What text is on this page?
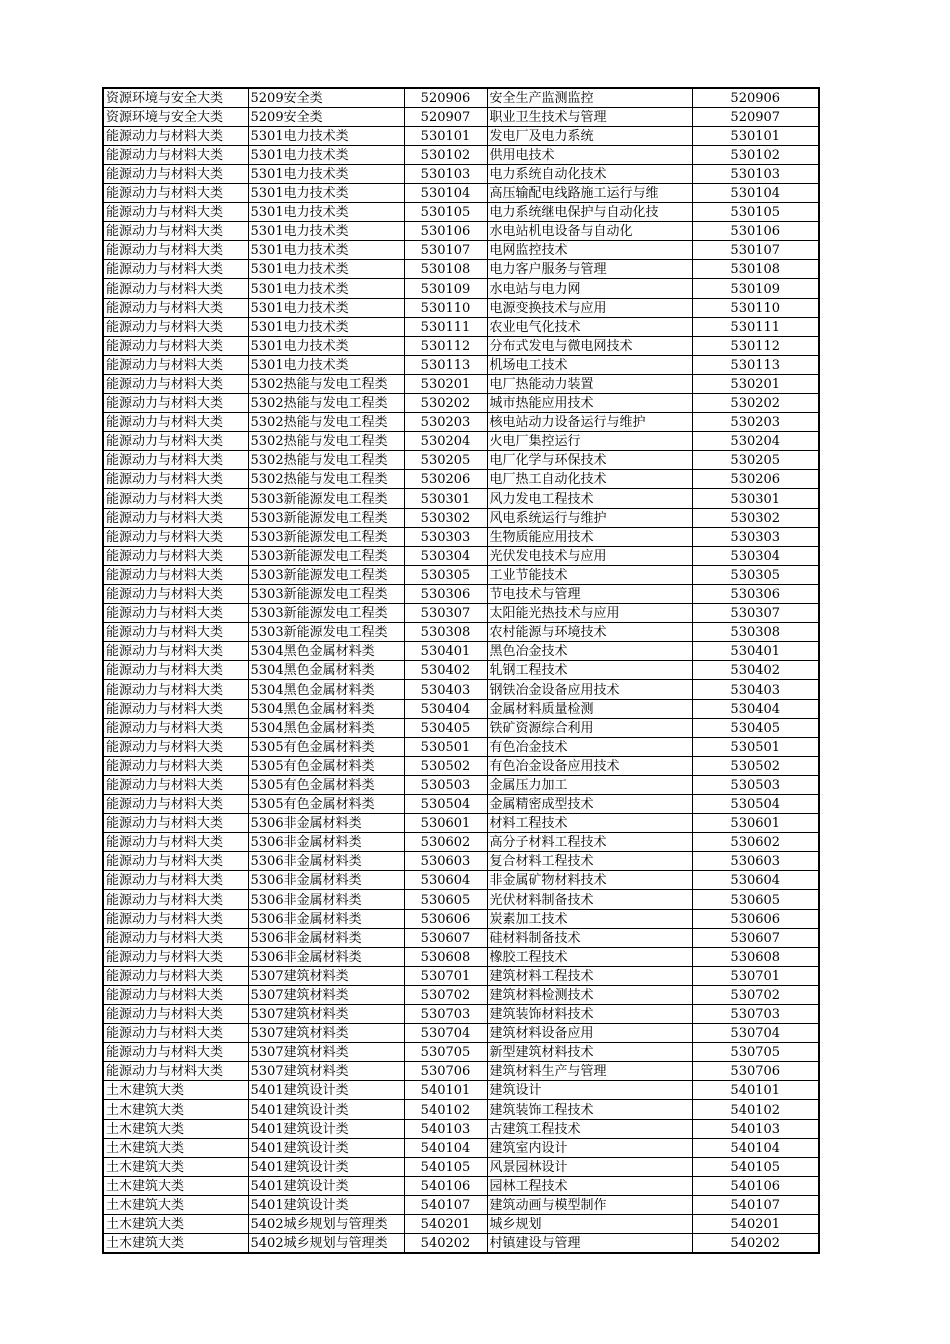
资源环境与安全大类	5209安全类	520906	安全生产监测监控	520906
资源环境与安全大类	5209安全类	520907	职业卫生技术与管理	520907
能源动力与材料大类	5301电力技术类	530101	发电厂及电力系统	530101
能源动力与材料大类	5301电力技术类	530102	供用电技术	530102
能源动力与材料大类	5301电力技术类	530103	电力系统自动化技术	530103
能源动力与材料大类	5301电力技术类	530104	高压输配电线路施工运行与维	530104
能源动力与材料大类	5301电力技术类	530105	电力系统继电保护与自动化技	530105
能源动力与材料大类	5301电力技术类	530106	水电站机电设备与自动化	530106
能源动力与材料大类	5301电力技术类	530107	电网监控技术	530107
能源动力与材料大类	5301电力技术类	530108	电力客户服务与管理	530108
能源动力与材料大类	5301电力技术类	530109	水电站与电力网	530109
能源动力与材料大类	5301电力技术类	530110	电源变换技术与应用	530110
能源动力与材料大类	5301电力技术类	530111	农业电气化技术	530111
能源动力与材料大类	5301电力技术类	530112	分布式发电与微电网技术	530112
能源动力与材料大类	5301电力技术类	530113	机场电工技术	530113
能源动力与材料大类	5302热能与发电工程类	530201	电厂热能动力装置	530201
能源动力与材料大类	5302热能与发电工程类	530202	城市热能应用技术	530202
能源动力与材料大类	5302热能与发电工程类	530203	核电站动力设备运行与维护	530203
能源动力与材料大类	5302热能与发电工程类	530204	火电厂集控运行	530204
能源动力与材料大类	5302热能与发电工程类	530205	电厂化学与环保技术	530205
能源动力与材料大类	5302热能与发电工程类	530206	电厂热工自动化技术	530206
能源动力与材料大类	5303新能源发电工程类	530301	风力发电工程技术	530301
能源动力与材料大类	5303新能源发电工程类	530302	风电系统运行与维护	530302
能源动力与材料大类	5303新能源发电工程类	530303	生物质能应用技术	530303
能源动力与材料大类	5303新能源发电工程类	530304	光伏发电技术与应用	530304
能源动力与材料大类	5303新能源发电工程类	530305	工业节能技术	530305
能源动力与材料大类	5303新能源发电工程类	530306	节电技术与管理	530306
能源动力与材料大类	5303新能源发电工程类	530307	太阳能光热技术与应用	530307
能源动力与材料大类	5303新能源发电工程类	530308	农村能源与环境技术	530308
能源动力与材料大类	5304黑色金属材料类	530401	黑色冶金技术	530401
能源动力与材料大类	5304黑色金属材料类	530402	轧钢工程技术	530402
能源动力与材料大类	5304黑色金属材料类	530403	钢铁冶金设备应用技术	530403
能源动力与材料大类	5304黑色金属材料类	530404	金属材料质量检测	530404
能源动力与材料大类	5304黑色金属材料类	530405	铁矿资源综合利用	530405
能源动力与材料大类	5305有色金属材料类	530501	有色冶金技术	530501
能源动力与材料大类	5305有色金属材料类	530502	有色冶金设备应用技术	530502
能源动力与材料大类	5305有色金属材料类	530503	金属压力加工	530503
能源动力与材料大类	5305有色金属材料类	530504	金属精密成型技术	530504
能源动力与材料大类	5306非金属材料类	530601	材料工程技术	530601
能源动力与材料大类	5306非金属材料类	530602	高分子材料工程技术	530602
能源动力与材料大类	5306非金属材料类	530603	复合材料工程技术	530603
能源动力与材料大类	5306非金属材料类	530604	非金属矿物材料技术	530604
能源动力与材料大类	5306非金属材料类	530605	光伏材料制备技术	530605
能源动力与材料大类	5306非金属材料类	530606	炭素加工技术	530606
能源动力与材料大类	5306非金属材料类	530607	硅材料制备技术	530607
能源动力与材料大类	5306非金属材料类	530608	橡胶工程技术	530608
能源动力与材料大类	5307建筑材料类	530701	建筑材料工程技术	530701
能源动力与材料大类	5307建筑材料类	530702	建筑材料检测技术	530702
能源动力与材料大类	5307建筑材料类	530703	建筑装饰材料技术	530703
能源动力与材料大类	5307建筑材料类	530704	建筑材料设备应用	530704
能源动力与材料大类	5307建筑材料类	530705	新型建筑材料技术	530705
能源动力与材料大类	5307建筑材料类	530706	建筑材料生产与管理	530706
土木建筑大类	5401建筑设计类	540101	建筑设计	540101
土木建筑大类	5401建筑设计类	540102	建筑装饰工程技术	540102
土木建筑大类	5401建筑设计类	540103	古建筑工程技术	540103
土木建筑大类	5401建筑设计类	540104	建筑室内设计	540104
土木建筑大类	5401建筑设计类	540105	风景园林设计	540105
土木建筑大类	5401建筑设计类	540106	园林工程技术	540106
土木建筑大类	5401建筑设计类	540107	建筑动画与模型制作	540107
土木建筑大类	5402城乡规划与管理类	540201	城乡规划	540201
土木建筑大类	5402城乡规划与管理类	540202	村镇建设与管理	540202
